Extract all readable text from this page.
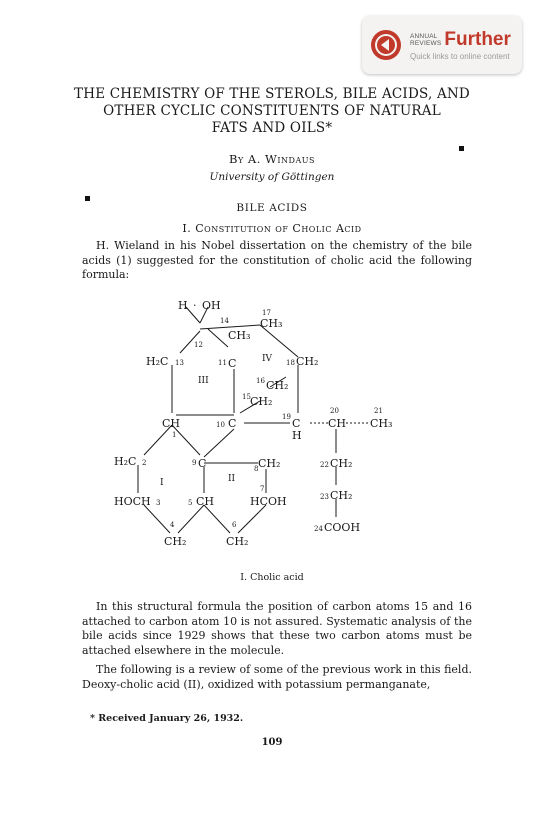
ANNUAL
REVIEWS Further
Quick links to online content
THE CHEMISTRY OF THE STEROLS, BILE ACIDS, AND
OTHER CYCLIC CONSTITUENTS OF NATURAL
FATS AND OILS*
By A. Windaus
University of Göttingen
BILE ACIDS
I. Constitution of Cholic Acid

H. Wieland in his Nobel dissertation on the chemistry of the bile acids (1) suggested for the constitution of cholic acid the following formula:

H · OH
17
14	CH₃
CH₃
12
H₂C 13	11 C	IV 18 CH₂
16 CH₂
III
15 CH₂
19
20	21
CH
1
10 C	C
H
CH CH₃
H₂C 2	9 C	8 CH₂	22 CH₂
I	II
7
23 CH₂
HOCH 3	5 CH	HCOH
4	6	24 COOH
CH₂	CH₂
I. Cholic acid

In this structural formula the position of carbon atoms 15 and 16 attached to carbon atom 10 is not assured. Systematic analysis of the bile acids since 1929 shows that these two carbon atoms must be attached elsewhere in the molecule.

The following is a review of some of the previous work in this field. Deoxy-cholic acid (II), oxidized with potassium permanganate,

* Received January 26, 1932.
109
